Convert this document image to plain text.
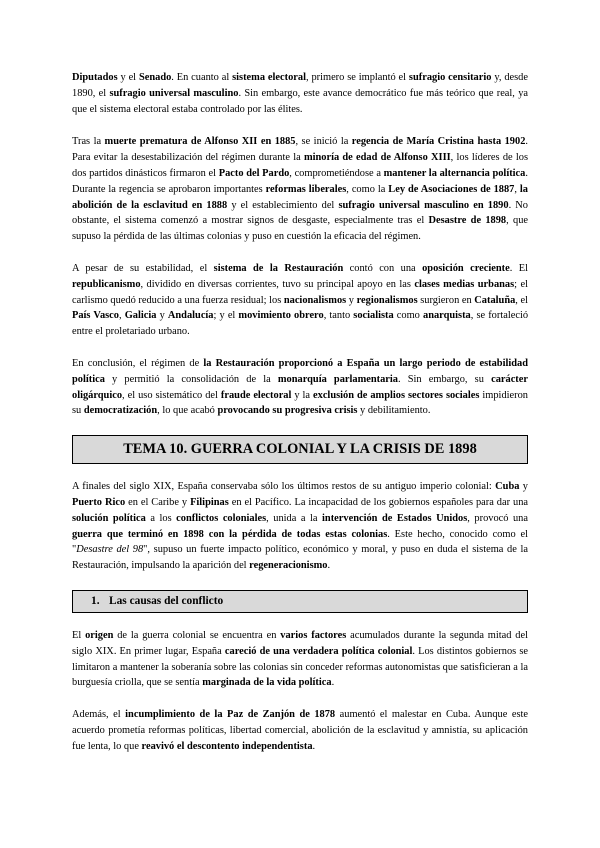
Diputados y el Senado. En cuanto al sistema electoral, primero se implantó el sufragio censitario y, desde 1890, el sufragio universal masculino. Sin embargo, este avance democrático fue más teórico que real, ya que el sistema electoral estaba controlado por las élites.

Tras la muerte prematura de Alfonso XII en 1885, se inició la regencia de María Cristina hasta 1902. Para evitar la desestabilización del régimen durante la minoría de edad de Alfonso XIII, los líderes de los dos partidos dinásticos firmaron el Pacto del Pardo, comprometiéndose a mantener la alternancia política. Durante la regencia se aprobaron importantes reformas liberales, como la Ley de Asociaciones de 1887, la abolición de la esclavitud en 1888 y el establecimiento del sufragio universal masculino en 1890. No obstante, el sistema comenzó a mostrar signos de desgaste, especialmente tras el Desastre de 1898, que supuso la pérdida de las últimas colonias y puso en cuestión la eficacia del régimen.

A pesar de su estabilidad, el sistema de la Restauración contó con una oposición creciente. El republicanismo, dividido en diversas corrientes, tuvo su principal apoyo en las clases medias urbanas; el carlismo quedó reducido a una fuerza residual; los nacionalismos y regionalismos surgieron en Cataluña, el País Vasco, Galicia y Andalucía; y el movimiento obrero, tanto socialista como anarquista, se fortaleció entre el proletariado urbano.

En conclusión, el régimen de la Restauración proporcionó a España un largo periodo de estabilidad política y permitió la consolidación de la monarquía parlamentaria. Sin embargo, su carácter oligárquico, el uso sistemático del fraude electoral y la exclusión de amplios sectores sociales impidieron su democratización, lo que acabó provocando su progresiva crisis y debilitamiento.

TEMA 10. GUERRA COLONIAL Y LA CRISIS DE 1898

A finales del siglo XIX, España conservaba sólo los últimos restos de su antiguo imperio colonial: Cuba y Puerto Rico en el Caribe y Filipinas en el Pacífico. La incapacidad de los gobiernos españoles para dar una solución política a los conflictos coloniales, unida a la intervención de Estados Unidos, provocó una guerra que terminó en 1898 con la pérdida de todas estas colonias. Este hecho, conocido como el "Desastre del 98", supuso un fuerte impacto político, económico y moral, y puso en duda el sistema de la Restauración, impulsando la aparición del regeneracionismo.

1. Las causas del conflicto

El origen de la guerra colonial se encuentra en varios factores acumulados durante la segunda mitad del siglo XIX. En primer lugar, España careció de una verdadera política colonial. Los distintos gobiernos se limitaron a mantener la soberanía sobre las colonias sin conceder reformas autonomistas que satisficieran a la burguesía criolla, que se sentía marginada de la vida política.

Además, el incumplimiento de la Paz de Zanjón de 1878 aumentó el malestar en Cuba. Aunque este acuerdo prometía reformas políticas, libertad comercial, abolición de la esclavitud y amnistía, su aplicación fue lenta, lo que reavivó el descontento independentista.
